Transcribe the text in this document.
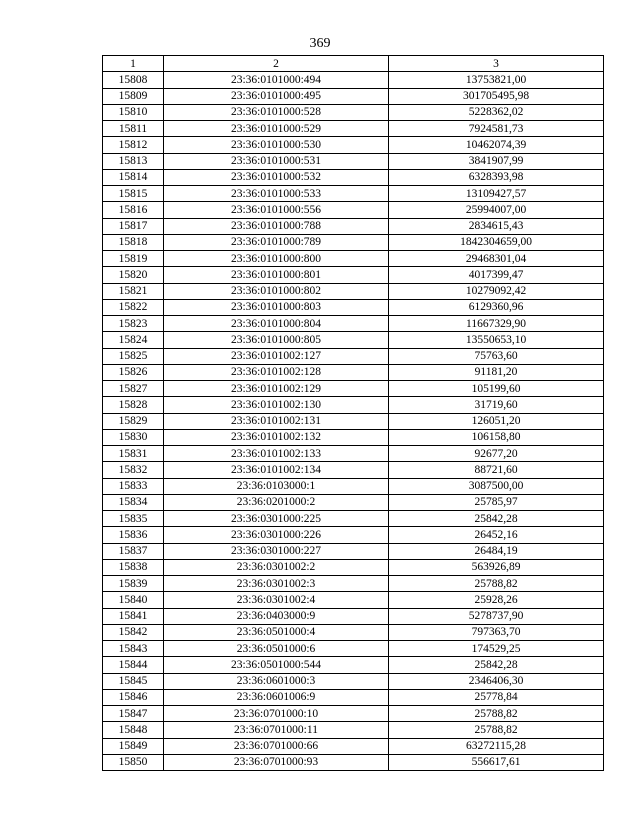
369
1	2	3
15808	23:36:0101000:494	13753821,00
15809	23:36:0101000:495	301705495,98
15810	23:36:0101000:528	5228362,02
15811	23:36:0101000:529	7924581,73
15812	23:36:0101000:530	10462074,39
15813	23:36:0101000:531	3841907,99
15814	23:36:0101000:532	6328393,98
15815	23:36:0101000:533	13109427,57
15816	23:36:0101000:556	25994007,00
15817	23:36:0101000:788	2834615,43
15818	23:36:0101000:789	1842304659,00
15819	23:36:0101000:800	29468301,04
15820	23:36:0101000:801	4017399,47
15821	23:36:0101000:802	10279092,42
15822	23:36:0101000:803	6129360,96
15823	23:36:0101000:804	11667329,90
15824	23:36:0101000:805	13550653,10
15825	23:36:0101002:127	75763,60
15826	23:36:0101002:128	91181,20
15827	23:36:0101002:129	105199,60
15828	23:36:0101002:130	31719,60
15829	23:36:0101002:131	126051,20
15830	23:36:0101002:132	106158,80
15831	23:36:0101002:133	92677,20
15832	23:36:0101002:134	88721,60
15833	23:36:0103000:1	3087500,00
15834	23:36:0201000:2	25785,97
15835	23:36:0301000:225	25842,28
15836	23:36:0301000:226	26452,16
15837	23:36:0301000:227	26484,19
15838	23:36:0301002:2	563926,89
15839	23:36:0301002:3	25788,82
15840	23:36:0301002:4	25928,26
15841	23:36:0403000:9	5278737,90
15842	23:36:0501000:4	797363,70
15843	23:36:0501000:6	174529,25
15844	23:36:0501000:544	25842,28
15845	23:36:0601000:3	2346406,30
15846	23:36:0601006:9	25778,84
15847	23:36:0701000:10	25788,82
15848	23:36:0701000:11	25788,82
15849	23:36:0701000:66	63272115,28
15850	23:36:0701000:93	556617,61
